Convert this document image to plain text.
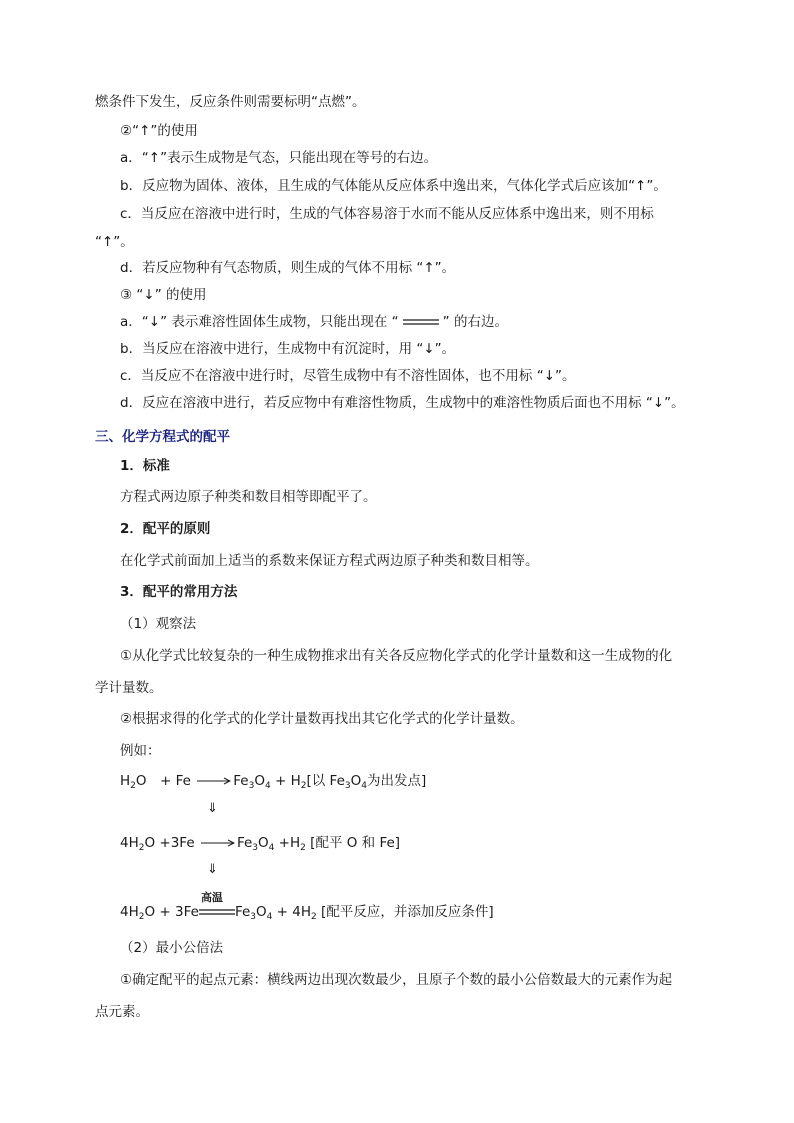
燃条件下发生，反应条件则需要标明“点燃”。
②“↑”的使用
a．“↑”表示生成物是气态，只能出现在等号的右边。
b．反应物为固体、液体，且生成的气体能从反应体系中逸出来，气体化学式后应该加“↑”。
c．当反应在溶液中进行时，生成的气体容易溶于水而不能从反应体系中逸出来，则不用标
“↑”。
d．若反应物种有气态物质，则生成的气体不用标 “↑”。
③ “↓” 的使用
a．“↓” 表示难溶性固体生成物，只能出现在 “	” 的右边。
b．当反应在溶液中进行，生成物中有沉淀时，用 “↓”。
c．当反应不在溶液中进行时，尽管生成物中有不溶性固体，也不用标 “↓”。
d．反应在溶液中进行，若反应物中有难溶性物质，生成物中的难溶性物质后面也不用标 “↓”。
三、化学方程式的配平
1．标准
方程式两边原子种类和数目相等即配平了。
2．配平的原则
在化学式前面加上适当的系数来保证方程式两边原子种类和数目相等。
3．配平的常用方法
（1）观察法
①从化学式比较复杂的一种生成物推求出有关各反应物化学式的化学计量数和这一生成物的化
学计量数。
②根据求得的化学式的化学计量数再找出其它化学式的化学计量数。
例如：
$H_2O$　+ $Fe \to Fe_3O_4 + H_2$[以 $Fe_3O_4$为出发点]
⇓
$4H_2O +3Fe \to Fe_3O_4 +H_2$ [配平 O 和 Fe]
⇓
$4H_2O + 3Fe$
高温
$Fe_3O_4 + 4H_2$ [配平反应，并添加反应条件]
（2）最小公倍法
①确定配平的起点元素：横线两边出现次数最少，且原子个数的最小公倍数最大的元素作为起
点元素。
